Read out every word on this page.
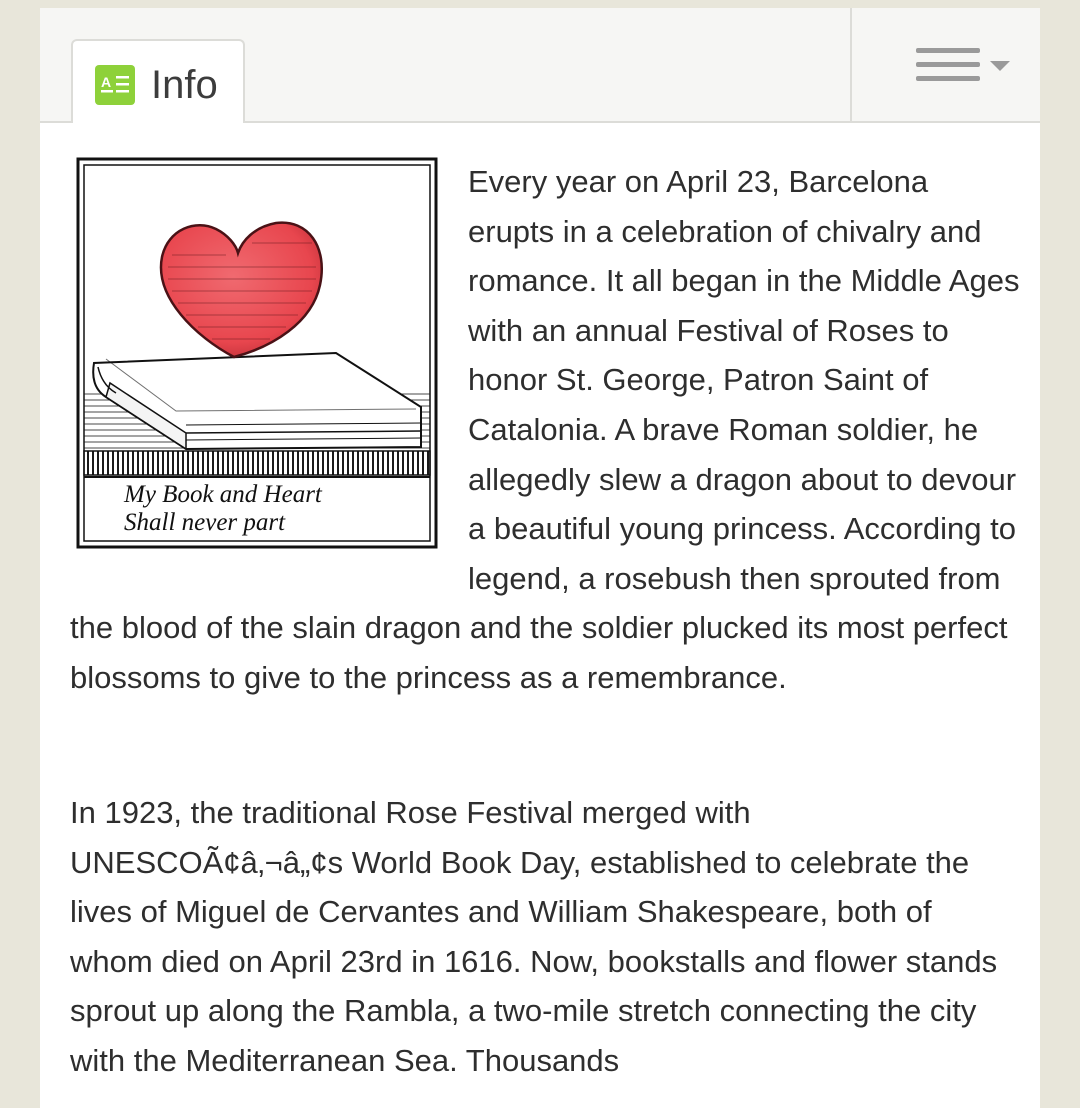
A Info
My Book and Heart
Shall never part

Every year on April 23, Barcelona erupts in a celebration of chivalry and romance. It all began in the Middle Ages with an annual Festival of Roses to honor St. George, Patron Saint of Catalonia. A brave Roman soldier, he allegedly slew a dragon about to devour a beautiful young princess. According to legend, a rosebush then sprouted from the blood of the slain dragon and the soldier plucked its most perfect blossoms to give to the princess as a remembrance.

In 1923, the traditional Rose Festival merged with UNESCOÃ¢â‚¬â„¢s World Book Day, established to celebrate the lives of Miguel de Cervantes and William Shakespeare, both of whom died on April 23rd in 1616. Now, bookstalls and flower stands sprout up along the Rambla, a two-mile stretch connecting the city with the Mediterranean Sea. Thousands
